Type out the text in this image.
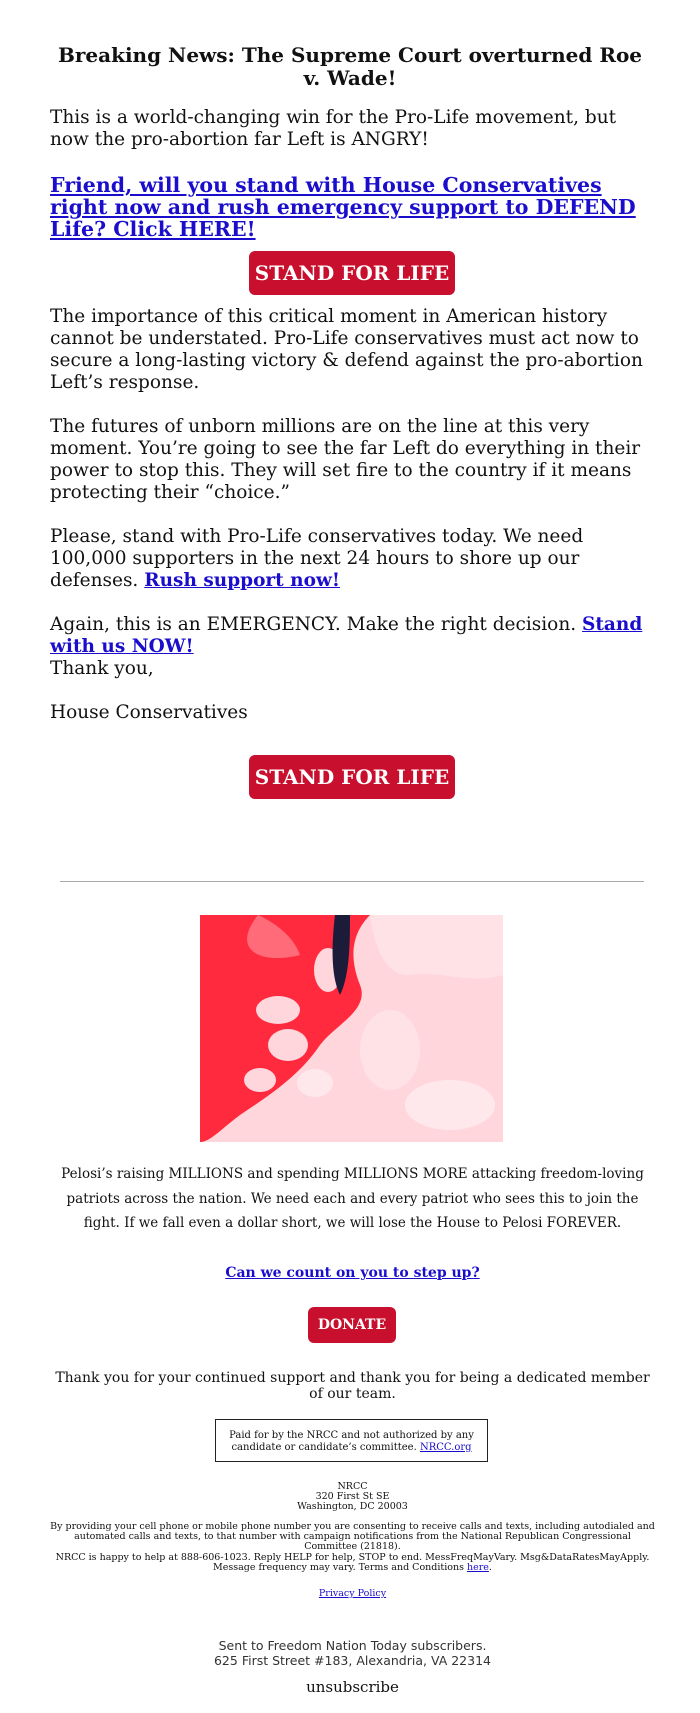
Breaking News: The Supreme Court overturned Roe v. Wade!

This is a world-changing win for the Pro-Life movement, but now the pro-abortion far Left is ANGRY!

Friend, will you stand with House Conservatives right now and rush emergency support to DEFEND Life? Click HERE!
STAND FOR LIFE

The importance of this critical moment in American history cannot be understated. Pro-Life conservatives must act now to secure a long-lasting victory & defend against the pro-abortion Left’s response.

The futures of unborn millions are on the line at this very moment. You’re going to see the far Left do everything in their power to stop this. They will set fire to the country if it means protecting their “choice.”

Please, stand with Pro-Life conservatives today. We need 100,000 supporters in the next 24 hours to shore up our defenses. Rush support now!

Again, this is an EMERGENCY. Make the right decision. Stand with us NOW!

Thank you,

House Conservatives

STAND FOR LIFE
Pelosi’s raising MILLIONS and spending MILLIONS MORE attacking freedom-loving patriots across the nation. We need each and every patriot who sees this to join the fight. If we fall even a dollar short, we will lose the House to Pelosi FOREVER.
Can we count on you to step up?
DONATE
Thank you for your continued support and thank you for being a dedicated member of our team.
Paid for by the NRCC and not authorized by any candidate or candidate’s committee. NRCC.org
NRCC
320 First St SE
Washington, DC 20003
By providing your cell phone or mobile phone number you are consenting to receive calls and texts, including autodialed and automated calls and texts, to that number with campaign notifications from the National Republican Congressional Committee (21818).
NRCC is happy to help at 888-606-1023. Reply HELP for help, STOP to end. MessFreqMayVary. Msg&DataRatesMayApply. Message frequency may vary. Terms and Conditions here.
Privacy Policy
Sent to Freedom Nation Today subscribers.
625 First Street #183, Alexandria, VA 22314
unsubscribe
